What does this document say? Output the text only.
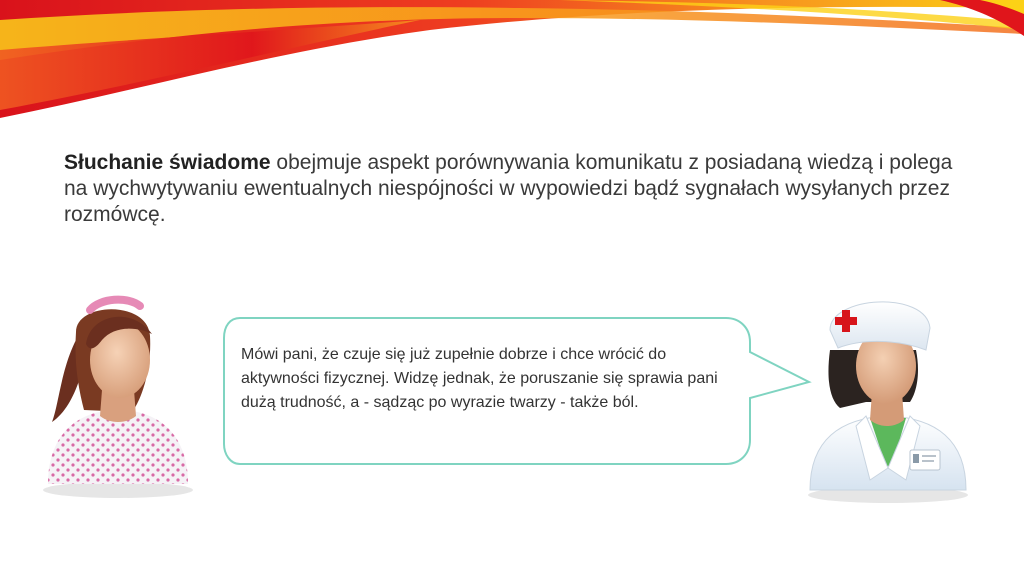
Słuchanie świadome obejmuje aspekt porównywania komunikatu z posiadaną wiedzą i polega na wychwytywaniu ewentualnych niespójności w wypowiedzi bądź sygnałach wysyłanych przez rozmówcę.
Mówi pani, że czuje się już zupełnie dobrze i chce wrócić do aktywności fizycznej. Widzę jednak, że poruszanie się sprawia pani dużą trudność, a - sądząc po wyrazie twarzy - także ból.
